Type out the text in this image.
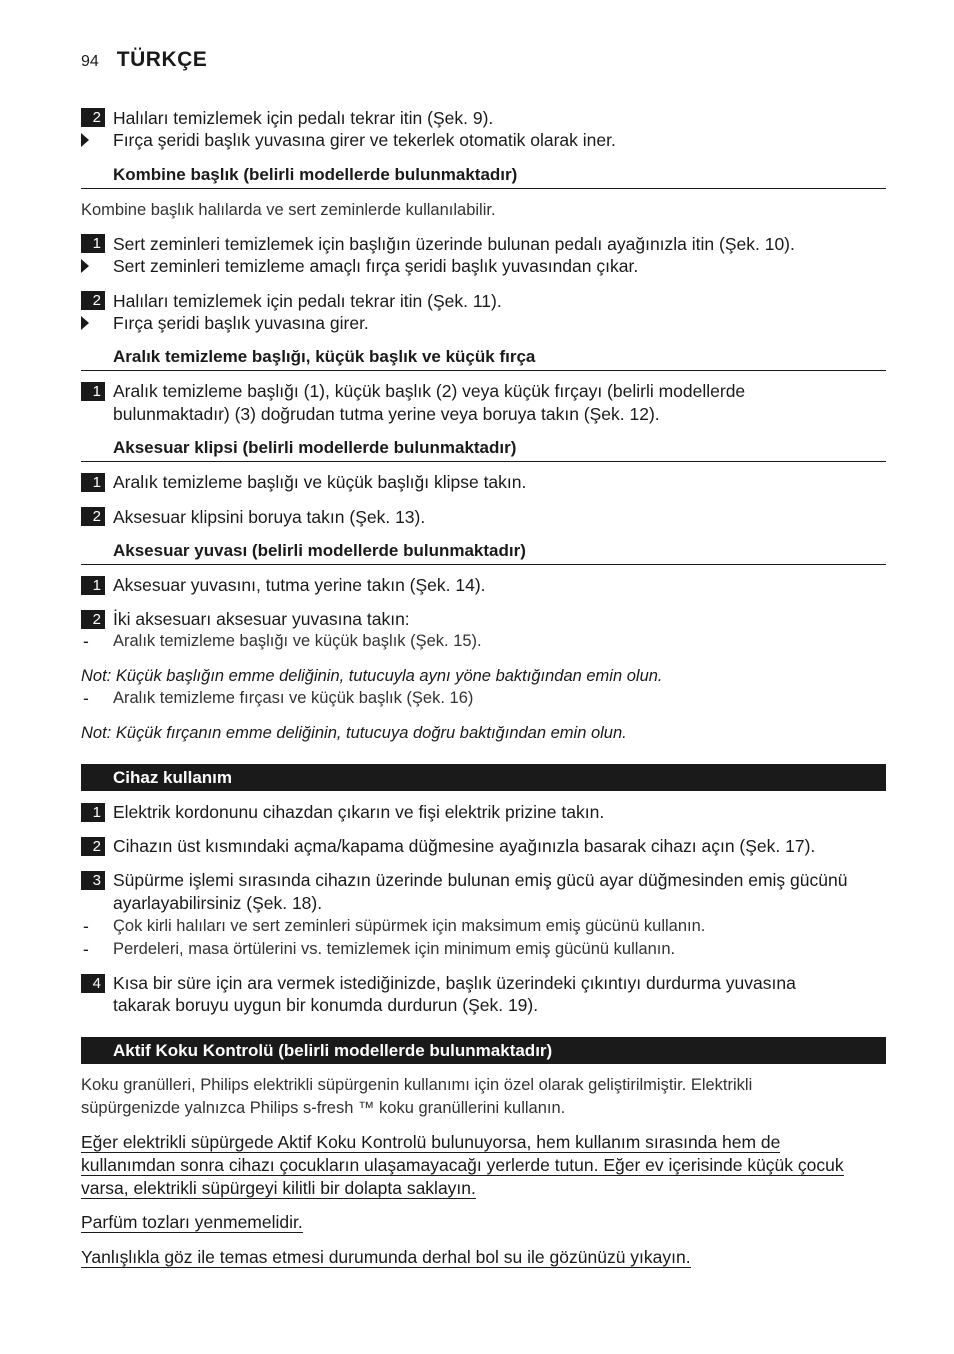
94 TÜRKÇE
2 Halıları temizlemek için pedalı tekrar itin (Şek. 9).
Fırça şeridi başlık yuvasına girer ve tekerlek otomatik olarak iner.
Kombine başlık (belirli modellerde bulunmaktadır)
Kombine başlık halılarda ve sert zeminlerde kullanılabilir.
1 Sert zeminleri temizlemek için başlığın üzerinde bulunan pedalı ayağınızla itin (Şek. 10).
Sert zeminleri temizleme amaçlı fırça şeridi başlık yuvasından çıkar.
2 Halıları temizlemek için pedalı tekrar itin (Şek. 11).
Fırça şeridi başlık yuvasına girer.
Aralık temizleme başlığı, küçük başlık ve küçük fırça
1 Aralık temizleme başlığı (1), küçük başlık (2) veya küçük fırçayı (belirli modellerde
bulunmaktadır) (3) doğrudan tutma yerine veya boruya takın (Şek. 12).
Aksesuar klipsi (belirli modellerde bulunmaktadır)
1 Aralık temizleme başlığı ve küçük başlığı klipse takın.
2 Aksesuar klipsini boruya takın (Şek. 13).
Aksesuar yuvası (belirli modellerde bulunmaktadır)
1 Aksesuar yuvasını, tutma yerine takın (Şek. 14).
2 İki aksesuarı aksesuar yuvasına takın:
- Aralık temizleme başlığı ve küçük başlık (Şek. 15).
Not: Küçük başlığın emme deliğinin, tutucuyla aynı yöne baktığından emin olun.
- Aralık temizleme fırçası ve küçük başlık (Şek. 16)
Not: Küçük fırçanın emme deliğinin, tutucuya doğru baktığından emin olun.
Cihaz kullanım
1 Elektrik kordonunu cihazdan çıkarın ve fişi elektrik prizine takın.
2 Cihazın üst kısmındaki açma/kapama düğmesine ayağınızla basarak cihazı açın (Şek. 17).
3 Süpürme işlemi sırasında cihazın üzerinde bulunan emiş gücü ayar düğmesinden emiş gücünü
ayarlayabilirsiniz (Şek. 18).
- Çok kirli halıları ve sert zeminleri süpürmek için maksimum emiş gücünü kullanın.
- Perdeleri, masa örtülerini vs. temizlemek için minimum emiş gücünü kullanın.
4 Kısa bir süre için ara vermek istediğinizde, başlık üzerindeki çıkıntıyı durdurma yuvasına
takarak boruyu uygun bir konumda durdurun (Şek. 19).
Aktif Koku Kontrolü (belirli modellerde bulunmaktadır)
Koku granülleri, Philips elektrikli süpürgenin kullanımı için özel olarak geliştirilmiştir. Elektrikli
süpürgenizde yalnızca Philips s-fresh ™ koku granüllerini kullanın.
Eğer elektrikli süpürgede Aktif Koku Kontrolü bulunuyorsa, hem kullanım sırasında hem de
kullanımdan sonra cihazı çocukların ulaşamayacağı yerlerde tutun. Eğer ev içerisinde küçük çocuk
varsa, elektrikli süpürgeyi kilitli bir dolapta saklayın.
Parfüm tozları yenmemelidir.
Yanlışlıkla göz ile temas etmesi durumunda derhal bol su ile gözünüzü yıkayın.
